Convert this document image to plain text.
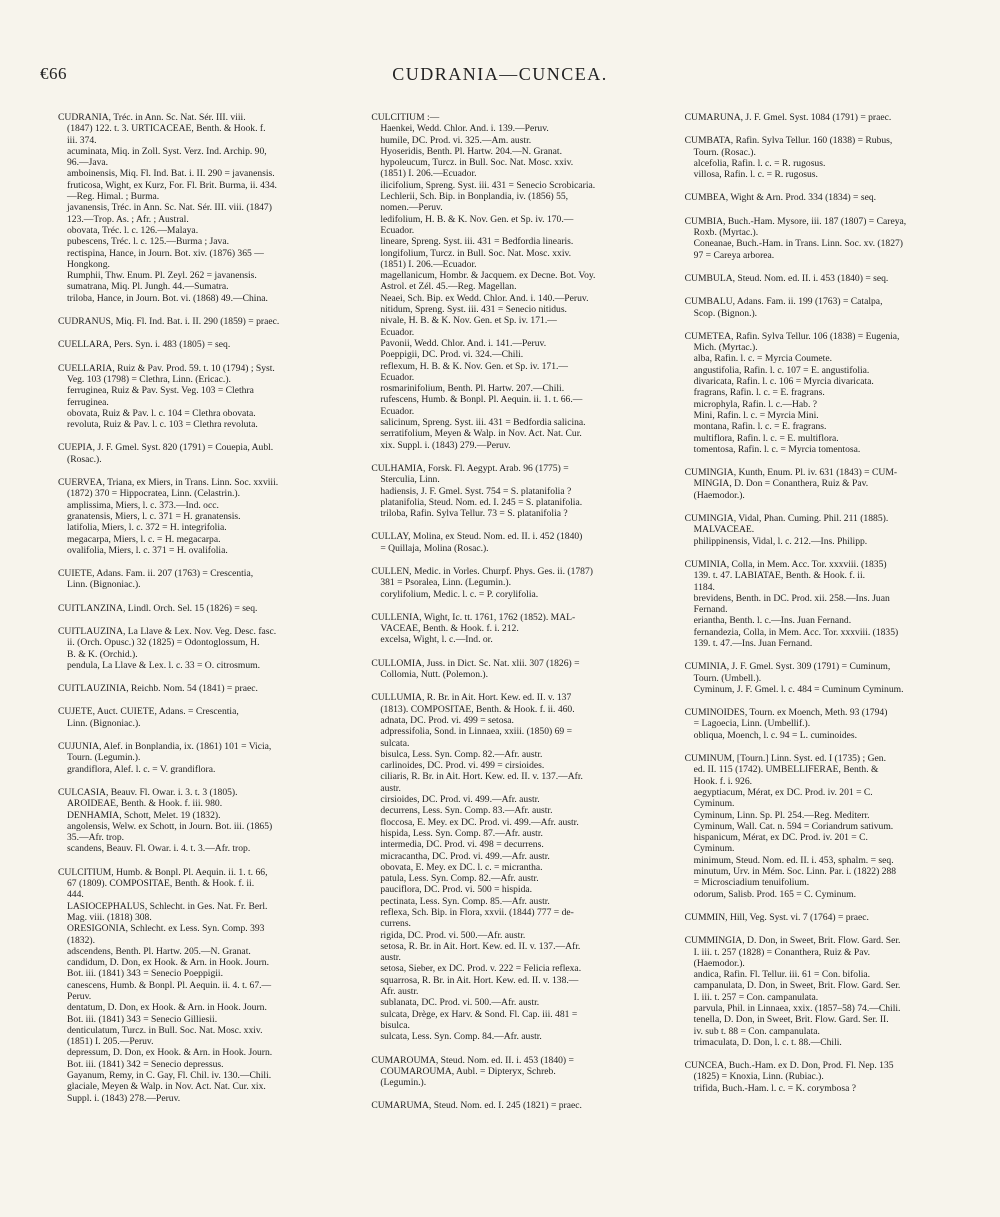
€66	CUDRANIA—CUNCEA.
CUDRANIA, Tréc. in Ann. Sc. Nat. Sér. III. viii.
(1847) 122. t. 3. URTICACEAE, Benth. & Hook. f.
iii. 374.
acuminata, Miq. in Zoll. Syst. Verz. Ind. Archip. 90,
96.—Java.
amboinensis, Miq. Fl. Ind. Bat. i. II. 290 = javanensis.
fruticosa, Wight, ex Kurz, For. Fl. Brit. Burma, ii. 434.
—Reg. Himal. ; Burma.
javanensis, Tréc. in Ann. Sc. Nat. Sér. III. viii. (1847)
123.—Trop. As. ; Afr. ; Austral.
obovata, Tréc. l. c. 126.—Malaya.
pubescens, Tréc. l. c. 125.—Burma ; Java.
rectispina, Hance, in Journ. Bot. xiv. (1876) 365 —
Hongkong.
Rumphii, Thw. Enum. Pl. Zeyl. 262 = javanensis.
sumatrana, Miq. Pl. Jungh. 44.—Sumatra.
triloba, Hance, in Journ. Bot. vi. (1868) 49.—China.
CUDRANUS, Miq. Fl. Ind. Bat. i. II. 290 (1859) = praec.
CUELLARA, Pers. Syn. i. 483 (1805) = seq.
CUELLARIA, Ruiz & Pav. Prod. 59. t. 10 (1794) ; Syst.
Veg. 103 (1798) = Clethra, Linn. (Ericac.).
ferruginea, Ruiz & Pav. Syst. Veg. 103 = Clethra
ferruginea.
obovata, Ruiz & Pav. l. c. 104 = Clethra obovata.
revoluta, Ruiz & Pav. l. c. 103 = Clethra revoluta.
CUEPIA, J. F. Gmel. Syst. 820 (1791) = Couepia, Aubl.
(Rosac.).
CUERVEA, Triana, ex Miers, in Trans. Linn. Soc. xxviii.
(1872) 370 = Hippocratea, Linn. (Celastrin.).
amplissima, Miers, l. c. 373.—Ind. occ.
granatensis, Miers, l. c. 371 = H. granatensis.
latifolia, Miers, l. c. 372 = H. integrifolia.
megacarpa, Miers, l. c. = H. megacarpa.
ovalifolia, Miers, l. c. 371 = H. ovalifolia.
CUIETE, Adans. Fam. ii. 207 (1763) = Crescentia,
Linn. (Bignoniac.).
CUITLANZINA, Lindl. Orch. Sel. 15 (1826) = seq.
CUITLAUZINA, La Llave & Lex. Nov. Veg. Desc. fasc.
ii. (Orch. Opusc.) 32 (1825) = Odontoglossum, H.
B. & K. (Orchid.).
pendula, La Llave & Lex. l. c. 33 = O. citrosmum.
CUITLAUZINIA, Reichb. Nom. 54 (1841) = praec.
CUJETE, Auct. CUIETE, Adans. = Crescentia,
Linn. (Bignoniac.).
CUJUNIA, Alef. in Bonplandia, ix. (1861) 101 = Vicia,
Tourn. (Legumin.).
grandiflora, Alef. l. c. = V. grandiflora.
CULCASIA, Beauv. Fl. Owar. i. 3. t. 3 (1805).
AROIDEAE, Benth. & Hook. f. iii. 980.
DENHAMIA, Schott, Melet. 19 (1832).
angolensis, Welw. ex Schott, in Journ. Bot. iii. (1865)
35.—Afr. trop.
scandens, Beauv. Fl. Owar. i. 4. t. 3.—Afr. trop.
CULCITIUM, Humb. & Bonpl. Pl. Aequin. ii. 1. t. 66,
67 (1809). COMPOSITAE, Benth. & Hook. f. ii.
444.
LASIOCEPHALUS, Schlecht. in Ges. Nat. Fr. Berl.
Mag. viii. (1818) 308.
ORESIGONIA, Schlecht. ex Less. Syn. Comp. 393
(1832).
adscendens, Benth. Pl. Hartw. 205.—N. Granat.
candidum, D. Don, ex Hook. & Arn. in Hook. Journ.
Bot. iii. (1841) 343 = Senecio Poeppigii.
canescens, Humb. & Bonpl. Pl. Aequin. ii. 4. t. 67.—
Peruv.
dentatum, D. Don, ex Hook. & Arn. in Hook. Journ.
Bot. iii. (1841) 343 = Senecio Gilliesii.
denticulatum, Turcz. in Bull. Soc. Nat. Mosc. xxiv.
(1851) I. 205.—Peruv.
depressum, D. Don, ex Hook. & Arn. in Hook. Journ.
Bot. iii. (1841) 342 = Senecio depressus.
Gayanum, Remy, in C. Gay, Fl. Chil. iv. 130.—Chili.
glaciale, Meyen & Walp. in Nov. Act. Nat. Cur. xix.
Suppl. i. (1843) 278.—Peruv.
CULCITIUM :—
Haenkei, Wedd. Chlor. And. i. 139.—Peruv.
humile, DC. Prod. vi. 325.—Am. austr.
Hyoseridis, Benth. Pl. Hartw. 204.—N. Granat.
hypoleucum, Turcz. in Bull. Soc. Nat. Mosc. xxiv.
(1851) I. 206.—Ecuador.
ilicifolium, Spreng. Syst. iii. 431 = Senecio Scrobicaria.
Lechlerii, Sch. Bip. in Bonplandia, iv. (1856) 55,
nomen.—Peruv.
ledifolium, H. B. & K. Nov. Gen. et Sp. iv. 170.—
Ecuador.
lineare, Spreng. Syst. iii. 431 = Bedfordia linearis.
longifolium, Turcz. in Bull. Soc. Nat. Mosc. xxiv.
(1851) I. 206.—Ecuador.
magellanicum, Hombr. & Jacquem. ex Decne. Bot. Voy.
Astrol. et Zél. 45.—Reg. Magellan.
Neaei, Sch. Bip. ex Wedd. Chlor. And. i. 140.—Peruv.
nitidum, Spreng. Syst. iii. 431 = Senecio nitidus.
nivale, H. B. & K. Nov. Gen. et Sp. iv. 171.—
Ecuador.
Pavonii, Wedd. Chlor. And. i. 141.—Peruv.
Poeppigii, DC. Prod. vi. 324.—Chili.
reflexum, H. B. & K. Nov. Gen. et Sp. iv. 171.—
Ecuador.
rosmarinifolium, Benth. Pl. Hartw. 207.—Chili.
rufescens, Humb. & Bonpl. Pl. Aequin. ii. 1. t. 66.—
Ecuador.
salicinum, Spreng. Syst. iii. 431 = Bedfordia salicina.
serratifolium, Meyen & Walp. in Nov. Act. Nat. Cur.
xix. Suppl. i. (1843) 279.—Peruv.
CULHAMIA, Forsk. Fl. Aegypt. Arab. 96 (1775) =
Sterculia, Linn.
hadiensis, J. F. Gmel. Syst. 754 = S. platanifolia ?
platanifolia, Steud. Nom. ed. I. 245 = S. platanifolia.
triloba, Rafin. Sylva Tellur. 73 = S. platanifolia ?
CULLAY, Molina, ex Steud. Nom. ed. II. i. 452 (1840)
= Quillaja, Molina (Rosac.).
CULLEN, Medic. in Vorles. Churpf. Phys. Ges. ii. (1787)
381 = Psoralea, Linn. (Legumin.).
corylifolium, Medic. l. c. = P. corylifolia.
CULLENIA, Wight, Ic. tt. 1761, 1762 (1852). MAL-
VACEAE, Benth. & Hook. f. i. 212.
excelsa, Wight, l. c.—Ind. or.
CULLOMIA, Juss. in Dict. Sc. Nat. xlii. 307 (1826) =
Collomia, Nutt. (Polemon.).
CULLUMIA, R. Br. in Ait. Hort. Kew. ed. II. v. 137
(1813). COMPOSITAE, Benth. & Hook. f. ii. 460.
adnata, DC. Prod. vi. 499 = setosa.
adpressifolia, Sond. in Linnaea, xxiii. (1850) 69 =
sulcata.
bisulca, Less. Syn. Comp. 82.—Afr. austr.
carlinoides, DC. Prod. vi. 499 = cirsioides.
ciliaris, R. Br. in Ait. Hort. Kew. ed. II. v. 137.—Afr.
austr.
cirsioides, DC. Prod. vi. 499.—Afr. austr.
decurrens, Less. Syn. Comp. 83.—Afr. austr.
floccosa, E. Mey. ex DC. Prod. vi. 499.—Afr. austr.
hispida, Less. Syn. Comp. 87.—Afr. austr.
intermedia, DC. Prod. vi. 498 = decurrens.
micracantha, DC. Prod. vi. 499.—Afr. austr.
obovata, E. Mey. ex DC. l. c. = micrantha.
patula, Less. Syn. Comp. 82.—Afr. austr.
pauciflora, DC. Prod. vi. 500 = hispida.
pectinata, Less. Syn. Comp. 85.—Afr. austr.
reflexa, Sch. Bip. in Flora, xxvii. (1844) 777 = de-
currens.
rigida, DC. Prod. vi. 500.—Afr. austr.
setosa, R. Br. in Ait. Hort. Kew. ed. II. v. 137.—Afr.
austr.
setosa, Sieber, ex DC. Prod. v. 222 = Felicia reflexa.
squarrosa, R. Br. in Ait. Hort. Kew. ed. II. v. 138.—
Afr. austr.
sublanata, DC. Prod. vi. 500.—Afr. austr.
sulcata, Drège, ex Harv. & Sond. Fl. Cap. iii. 481 =
bisulca.
sulcata, Less. Syn. Comp. 84.—Afr. austr.
CUMAROUMA, Steud. Nom. ed. II. i. 453 (1840) =
COUMAROUMA, Aubl. = Dipteryx, Schreb.
(Legumin.).
CUMARUMA, Steud. Nom. ed. I. 245 (1821) = praec.
CUMARUNA, J. F. Gmel. Syst. 1084 (1791) = praec.
CUMBATA, Rafin. Sylva Tellur. 160 (1838) = Rubus,
Tourn. (Rosac.).
alcefolia, Rafin. l. c. = R. rugosus.
villosa, Rafin. l. c. = R. rugosus.
CUMBEA, Wight & Arn. Prod. 334 (1834) = seq.
CUMBIA, Buch.-Ham. Mysore, iii. 187 (1807) = Careya,
Roxb. (Myrtac.).
Coneanae, Buch.-Ham. in Trans. Linn. Soc. xv. (1827)
97 = Careya arborea.
CUMBULA, Steud. Nom. ed. II. i. 453 (1840) = seq.
CUMBALU, Adans. Fam. ii. 199 (1763) = Catalpa,
Scop. (Bignon.).
CUMETEA, Rafin. Sylva Tellur. 106 (1838) = Eugenia,
Mich. (Myrtac.).
alba, Rafin. l. c. = Myrcia Coumete.
angustifolia, Rafin. l. c. 107 = E. angustifolia.
divaricata, Rafin. l. c. 106 = Myrcia divaricata.
fragrans, Rafin. l. c. = E. fragrans.
microphyla, Rafin. l. c.—Hab. ?
Mini, Rafin. l. c. = Myrcia Mini.
montana, Rafin. l. c. = E. fragrans.
multiflora, Rafin. l. c. = E. multiflora.
tomentosa, Rafin. l. c. = Myrcia tomentosa.
CUMINGIA, Kunth, Enum. Pl. iv. 631 (1843) = CUM-
MINGIA, D. Don = Conanthera, Ruiz & Pav.
(Haemodor.).
CUMINGIA, Vidal, Phan. Cuming. Phil. 211 (1885).
MALVACEAE.
philippinensis, Vidal, l. c. 212.—Ins. Philipp.
CUMINIA, Colla, in Mem. Acc. Tor. xxxviii. (1835)
139. t. 47. LABIATAE, Benth. & Hook. f. ii.
1184.
brevidens, Benth. in DC. Prod. xii. 258.—Ins. Juan
Fernand.
eriantha, Benth. l. c.—Ins. Juan Fernand.
fernandezia, Colla, in Mem. Acc. Tor. xxxviii. (1835)
139. t. 47.—Ins. Juan Fernand.
CUMINIA, J. F. Gmel. Syst. 309 (1791) = Cuminum,
Tourn. (Umbell.).
Cyminum, J. F. Gmel. l. c. 484 = Cuminum Cyminum.
CUMINOIDES, Tourn. ex Moench, Meth. 93 (1794)
= Lagoecia, Linn. (Umbellif.).
obliqua, Moench, l. c. 94 = L. cuminoides.
CUMINUM, [Tourn.] Linn. Syst. ed. I (1735) ; Gen.
ed. II. 115 (1742). UMBELLIFERAE, Benth. &
Hook. f. i. 926.
aegyptiacum, Mérat, ex DC. Prod. iv. 201 = C.
Cyminum.
Cyminum, Linn. Sp. Pl. 254.—Reg. Mediterr.
Cyminum, Wall. Cat. n. 594 = Coriandrum sativum.
hispanicum, Mérat, ex DC. Prod. iv. 201 = C.
Cyminum.
minimum, Steud. Nom. ed. II. i. 453, sphalm. = seq.
minutum, Urv. in Mém. Soc. Linn. Par. i. (1822) 288
= Microsciadium tenuifolium.
odorum, Salisb. Prod. 165 = C. Cyminum.
CUMMIN, Hill, Veg. Syst. vi. 7 (1764) = praec.
CUMMINGIA, D. Don, in Sweet, Brit. Flow. Gard. Ser.
I. iii. t. 257 (1828) = Conanthera, Ruiz & Pav.
(Haemodor.).
andica, Rafin. Fl. Tellur. iii. 61 = Con. bifolia.
campanulata, D. Don, in Sweet, Brit. Flow. Gard. Ser.
I. iii. t. 257 = Con. campanulata.
parvula, Phil. in Linnaea, xxix. (1857–58) 74.—Chili.
tenella, D. Don, in Sweet, Brit. Flow. Gard. Ser. II.
iv. sub t. 88 = Con. campanulata.
trimaculata, D. Don, l. c. t. 88.—Chili.
CUNCEA, Buch.-Ham. ex D. Don, Prod. Fl. Nep. 135
(1825) = Knoxia, Linn. (Rubiac.).
trifida, Buch.-Ham. l. c. = K. corymbosa ?
